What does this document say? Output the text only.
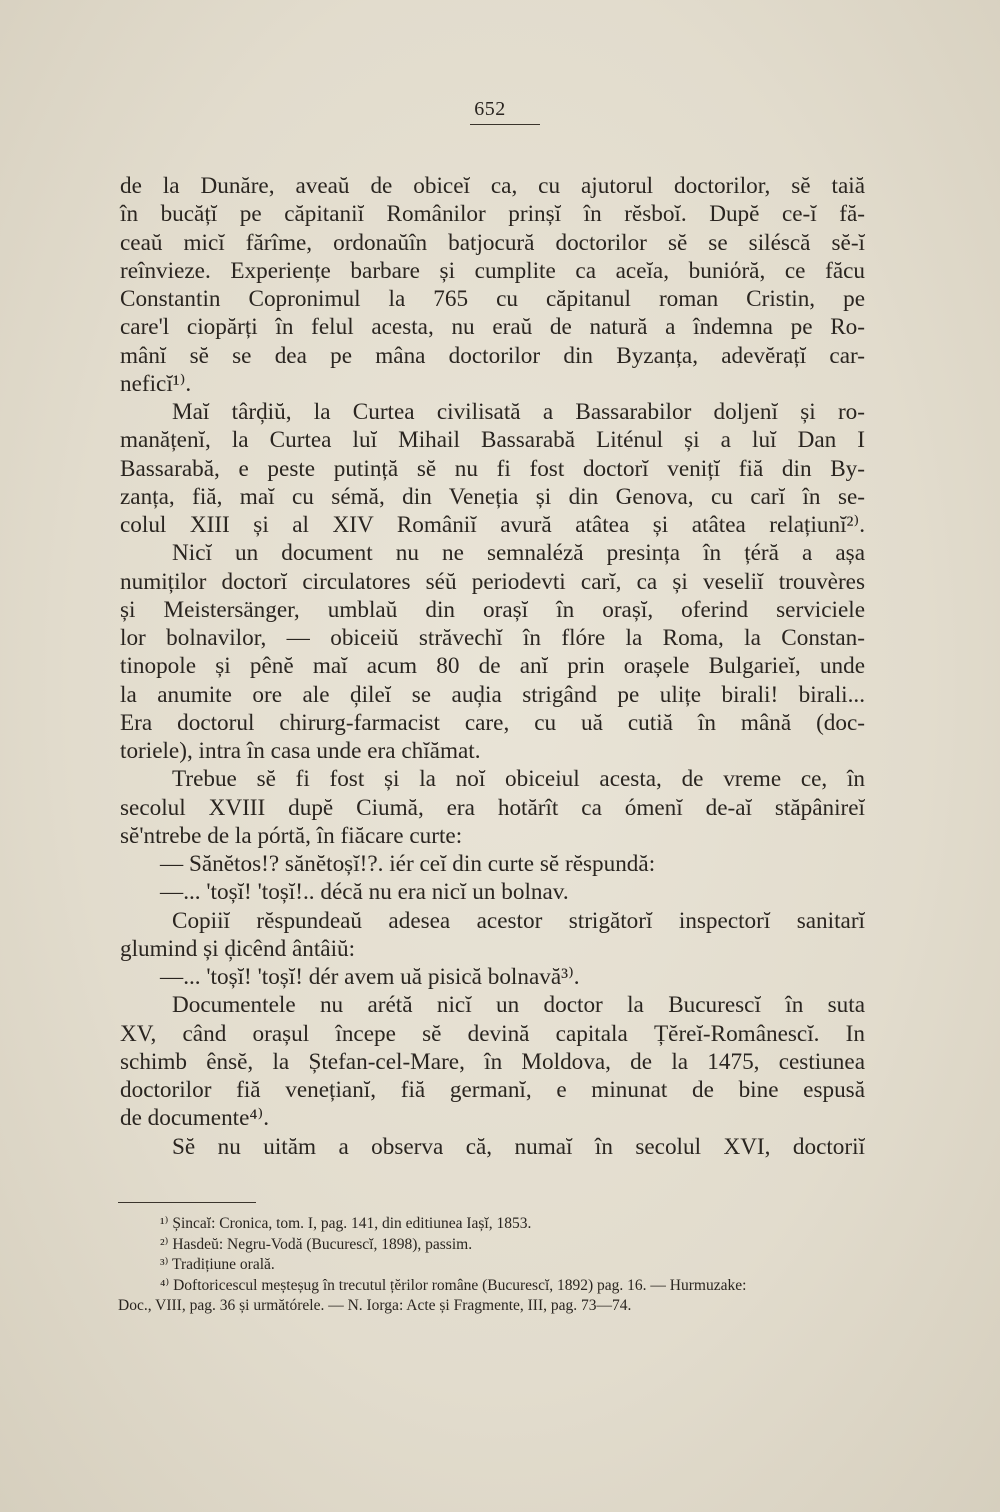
652
de la Dunăre, aveaŭ de obiceĭ ca, cu ajutorul doctorilor, sĕ taiă
în bucățĭ pe căpitaniĭ Românilor prinșĭ în rĕsboĭ. Dupĕ ce-ĭ fă-
ceaŭ micĭ fărîme, ordonaŭîn batjocură doctorilor sĕ se siléscă sĕ-ĭ
reînvieze. Experiențe barbare și cumplite ca aceĭa, buniόră, ce făcu
Constantin Copronimul la 765 cu căpitanul roman Cristin, pe
care'l ciopărți în felul acesta, nu eraŭ de natură a îndemna pe Ro-
mânĭ sĕ se dea pe mâna doctorilor din Byzanța, adevĕrațĭ car-
neficĭ¹⁾.
Maĭ târḑiŭ, la Curtea civilisată a Bassarabilor doljenĭ și ro-
manățenĭ, la Curtea luĭ Mihail Bassarabă Liténul și a luĭ Dan I
Bassarabă, e peste putință sĕ nu fi fost doctorĭ venițĭ fiă din By-
zanța, fiă, maĭ cu sémă, din Veneția și din Genova, cu carĭ în se-
colul XIII și al XIV Româniĭ avură atâtea și atâtea relațiunĭ²⁾.
Nicĭ un document nu ne semnaléză presința în țéră a așa
numiților doctorĭ circulatores séŭ periodevti carĭ, ca și veseliĭ trouvères
și Meistersänger, umblaŭ din orașĭ în orașĭ, oferind serviciele
lor bolnavilor, — obiceiŭ străvechĭ în flóre la Roma, la Constan-
tinopole și pênĕ maĭ acum 80 de anĭ prin orașele Bulgarieĭ, unde
la anumite ore ale ḑileĭ se auḑia strigând pe ulițe birali! birali...
Era doctorul chirurg-farmacist care, cu uă cutiă în mână (doc-
toriele), intra în casa unde era chĭămat.
Trebue sĕ fi fost și la noĭ obiceiul acesta, de vreme ce, în
secolul XVIII dupĕ Ciumă, era hotărît ca ómenĭ de-aĭ stăpânireĭ
sĕ'ntrebe de la pórtă, în fiăcare curte:
— Sănĕtos!? sănĕtoșĭ!?. iér ceĭ din curte sĕ rĕspundă:
—... 'toșĭ! 'toșĭ!.. décă nu era nicĭ un bolnav.
Copiiĭ rĕspundeaŭ adesea acestor strigătorĭ inspectorĭ sanitarĭ
glumind și ḑicênd ântâiŭ:
—... 'toșĭ! 'toșĭ! dér avem uă pisică bolnavă³⁾.
Documentele nu arétă nicĭ un doctor la Bucurescĭ în suta
XV, când orașul începe sĕ devină capitala Țĕreĭ-Românescĭ. In
schimb ênsĕ, la Ștefan-cel-Mare, în Moldova, de la 1475, cestiunea
doctorilor fiă venețianĭ, fiă germanĭ, e minunat de bine espusă
de documente⁴⁾.
Sĕ nu uităm a observa că, numaĭ în secolul XVI, doctoriĭ
¹⁾ Șincaĭ: Cronica, tom. I, pag. 141, din editiunea Iașĭ, 1853.
²⁾ Hasdeŭ: Negru-Vodă (Bucurescĭ, 1898), passim.
³⁾ Tradițiune orală.
⁴⁾ Doftoricescul meșteșug în trecutul țĕrilor române (Bucurescĭ, 1892) pag. 16. — Hurmuzake:
Doc., VIII, pag. 36 și următórele. — N. Iorga: Acte și Fragmente, III, pag. 73—74.
